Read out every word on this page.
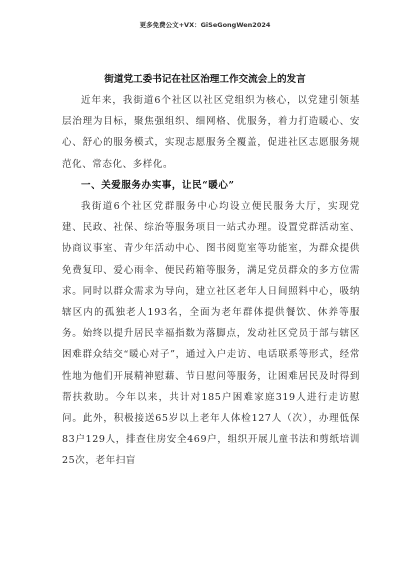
更多免费公文+VX：GiSeGongWen2024
街道党工委书记在社区治理工作交流会上的发言

近年来，我街道6个社区以社区党组织为核心，以党建引领基层治理为目标，聚焦强组织、细网格、优服务，着力打造暖心、安心、舒心的服务模式，实现志愿服务全覆盖，促进社区志愿服务规范化、常态化、多样化。

一、关爱服务办实事，让民“暖心”

我街道6个社区党群服务中心均设立便民服务大厅，实现党建、民政、社保、综治等服务项目一站式办理。设置党群活动室、协商议事室、青少年活动中心、图书阅览室等功能室，为群众提供免费复印、爱心雨伞、便民药箱等服务，满足党员群众的多方位需求。同时以群众需求为导向，建立社区老年人日间照料中心，吸纳辖区内的孤独老人193名，全面为老年群体提供餐饮、休养等服务。始终以提升居民幸福指数为落脚点，发动社区党员于部与辖区困难群众结交“暖心对子”，通过入户走访、电话联系等形式，经常性地为他们开展精神慰藉、节日慰问等服务，让困难居民及时得到帮扶救助。今年以来，共计对185户困难家庭319人进行走访慰问。此外，积极接送65岁以上老年人体检127人（次），办理低保83户129人，排查住房安全469户，组织开展儿童书法和剪纸培训25次，老年扫盲
